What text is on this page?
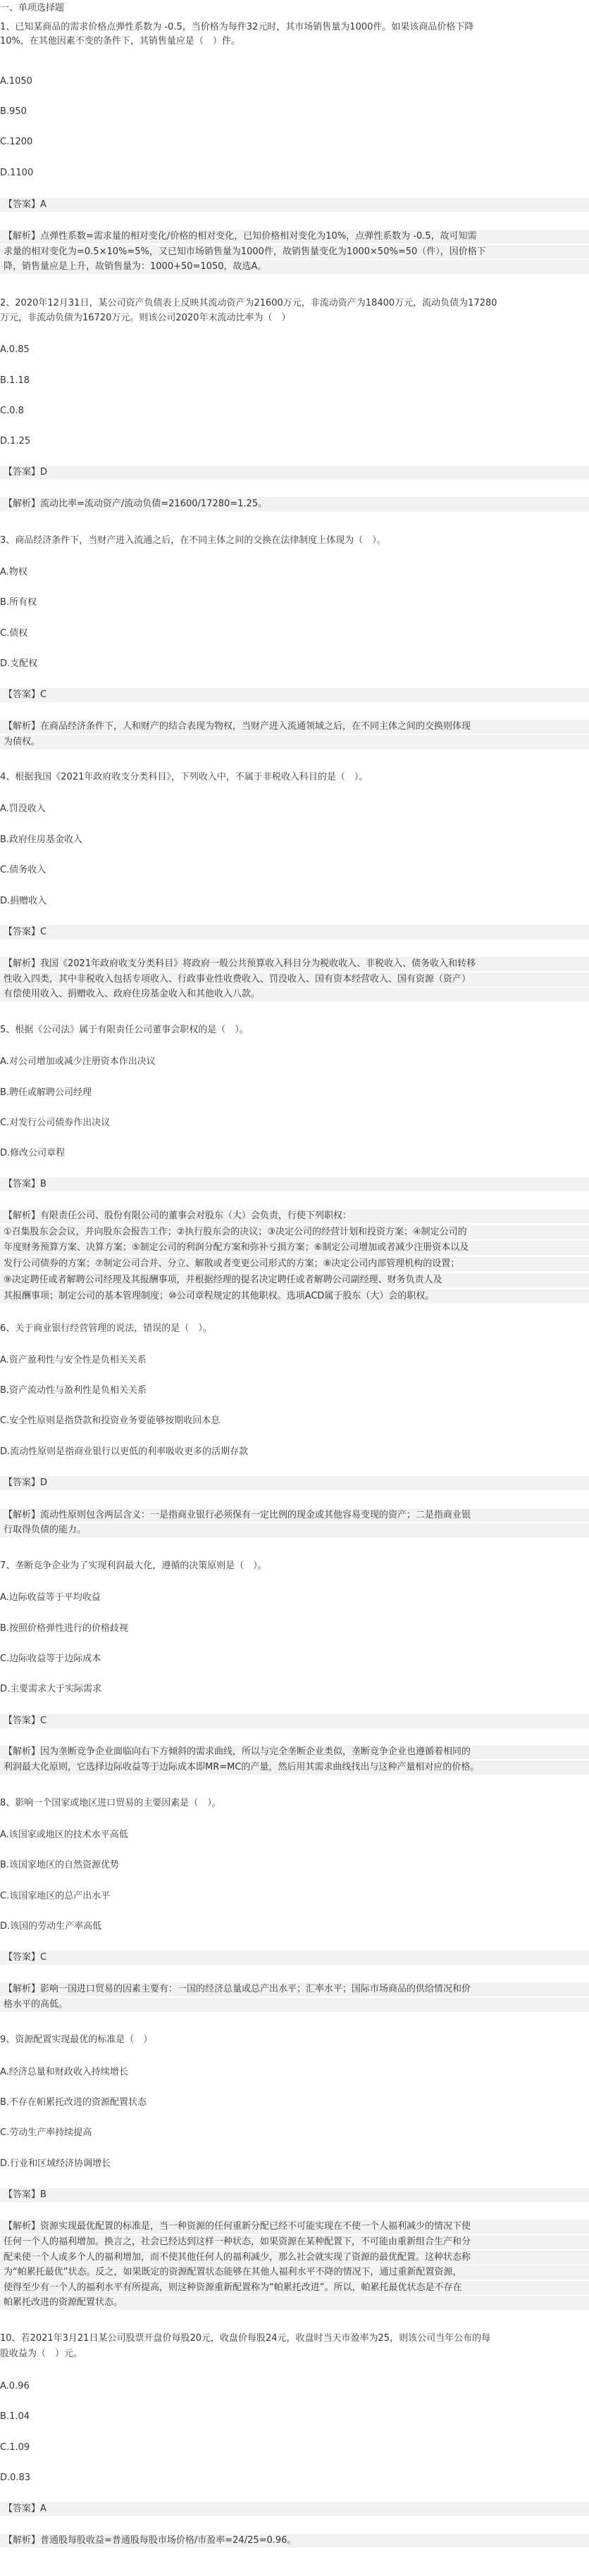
一、单项选择题
1、已知某商品的需求价格点弹性系数为 -0.5，当价格为每件32元时，其市场销售量为1000件。如果该商品价格下降
10%，在其他因素不变的条件下，其销售量应是（　）件。
A.1050
B.950
C.1200
D.1100
【答案】A
【解析】点弹性系数=需求量的相对变化/价格的相对变化，已知价格相对变化为10%，点弹性系数为 -0.5，故可知需
求量的相对变化为=0.5×10%=5%，又已知市场销售量为1000件，故销售量变化为1000×50%=50（件），因价格下
降，销售量应是上升，故销售量为：1000+50=1050，故选A。
2、2020年12月31日，某公司资产负债表上反映其流动资产为21600万元，非流动资产为18400万元，流动负债为17280
万元，非流动负债为16720万元。则该公司2020年末流动比率为（　）
A.0.85
B.1.18
C.0.8
D.1.25
【答案】D
【解析】流动比率=流动资产/流动负债=21600/17280=1.25。
3、商品经济条件下，当财产进入流通之后，在不同主体之间的交换在法律制度上体现为（　）。
A.物权
B.所有权
C.债权
D.支配权
【答案】C
【解析】在商品经济条件下，人和财产的结合表现为物权，当财产进入流通领域之后，在不同主体之间的交换则体现
为债权。
4、根据我国《2021年政府收支分类科目》，下列收入中，不属于非税收入科目的是（　）。
A.罚没收入
B.政府住房基金收入
C.债务收入
D.捐赠收入
【答案】C
【解析】我国《2021年政府收支分类科目》将政府一般公共预算收入科目分为税收收入、非税收入、债务收入和转移
性收入四类，其中非税收入包括专项收入、行政事业性收费收入、罚没收入、国有资本经营收入、国有资源（资产）
有偿使用收入、捐赠收入、政府住房基金收入和其他收入八款。
5、根据《公司法》属于有限责任公司董事会职权的是（　）。
A.对公司增加或减少注册资本作出决议
B.聘任或解聘公司经理
C.对发行公司债券作出决议
D.修改公司章程
【答案】B
【解析】有限责任公司、股份有限公司的董事会对股东（大）会负责，行使下列职权：
①召集股东会会议，并向股东会报告工作；②执行股东会的决议；③决定公司的经营计划和投资方案；④制定公司的
年度财务预算方案、决算方案；⑤制定公司的利润分配方案和弥补亏损方案；⑥制定公司增加或者减少注册资本以及
发行公司债券的方案；⑦制定公司合并、分立、解散或者变更公司形式的方案；⑧决定公司内部管理机构的设置；
⑨决定聘任或者解聘公司经理及其报酬事项，并根据经理的提名决定聘任或者解聘公司副经理、财务负责人及
其报酬事项；制定公司的基本管理制度；⑩公司章程规定的其他职权。选项ACD属于股东（大）会的职权。
6、关于商业银行经营管理的说法，错误的是（　）。
A.资产盈利性与安全性是负相关关系
B.资产流动性与盈利性是负相关关系
C.安全性原则是指贷款和投资业务要能够按期收回本息
D.流动性原则是指商业银行以更低的利率吸收更多的活期存款
【答案】D
【解析】流动性原则包含两层含义：一是指商业银行必须保有一定比例的现金或其他容易变现的资产；二是指商业银
行取得负债的能力。
7、垄断竞争企业为了实现利润最大化，遵循的决策原则是（　）。
A.边际收益等于平均收益
B.按照价格弹性进行的价格歧视
C.边际收益等于边际成本
D.主要需求大于实际需求
【答案】C
【解析】因为垄断竞争企业面临向右下方倾斜的需求曲线，所以与完全垄断企业类似，垄断竞争企业也遵循着相同的
利润最大化原则，它选择边际收益等于边际成本即MR=MC的产量，然后用其需求曲线找出与这种产量相对应的价格。
8、影响一个国家或地区进口贸易的主要因素是（　）。
A.该国家或地区的技术水平高低
B.该国家地区的自然资源优势
C.该国家地区的总产出水平
D.该国的劳动生产率高低
【答案】C
【解析】影响一国进口贸易的因素主要有：一国的经济总量或总产出水平；汇率水平；国际市场商品的供给情况和价
格水平的高低。
9、资源配置实现最优的标准是（　）
A.经济总量和财政收入持续增长
B.不存在帕累托改进的资源配置状态
C.劳动生产率持续提高
D.行业和区域经济协调增长
【答案】B
【解析】资源实现最优配置的标准是，当一种资源的任何重新分配已经不可能实现在不使一个人福利减少的情况下使
任何一个人的福利增加。换言之，社会已经达到这样一种状态，如果资源在某种配置下，不可能由重新组合生产和分
配来使一个人或多个人的福利增加，而不使其他任何人的福利减少，那么社会就实现了资源的最优配置。这种状态称
为“帕累托最优”状态。反之，如果既定的资源配置状态能够在其他人福利水平不降的情况下，通过重新配置资源，
使得至少有一个人的福利水平有所提高，则这种资源重新配置称为“帕累托改进”。所以，帕累托最优状态是不存在
帕累托改进的资源配置状态。
10、若2021年3月21日某公司股票开盘价每股20元，收盘价每股24元，收盘时当天市盈率为25，则该公司当年公布的每
股收益为（　）元。
A.0.96
B.1.04
C.1.09
D.0.83
【答案】A
【解析】普通股每股收益=普通股每股市场价格/市盈率=24/25=0.96。
